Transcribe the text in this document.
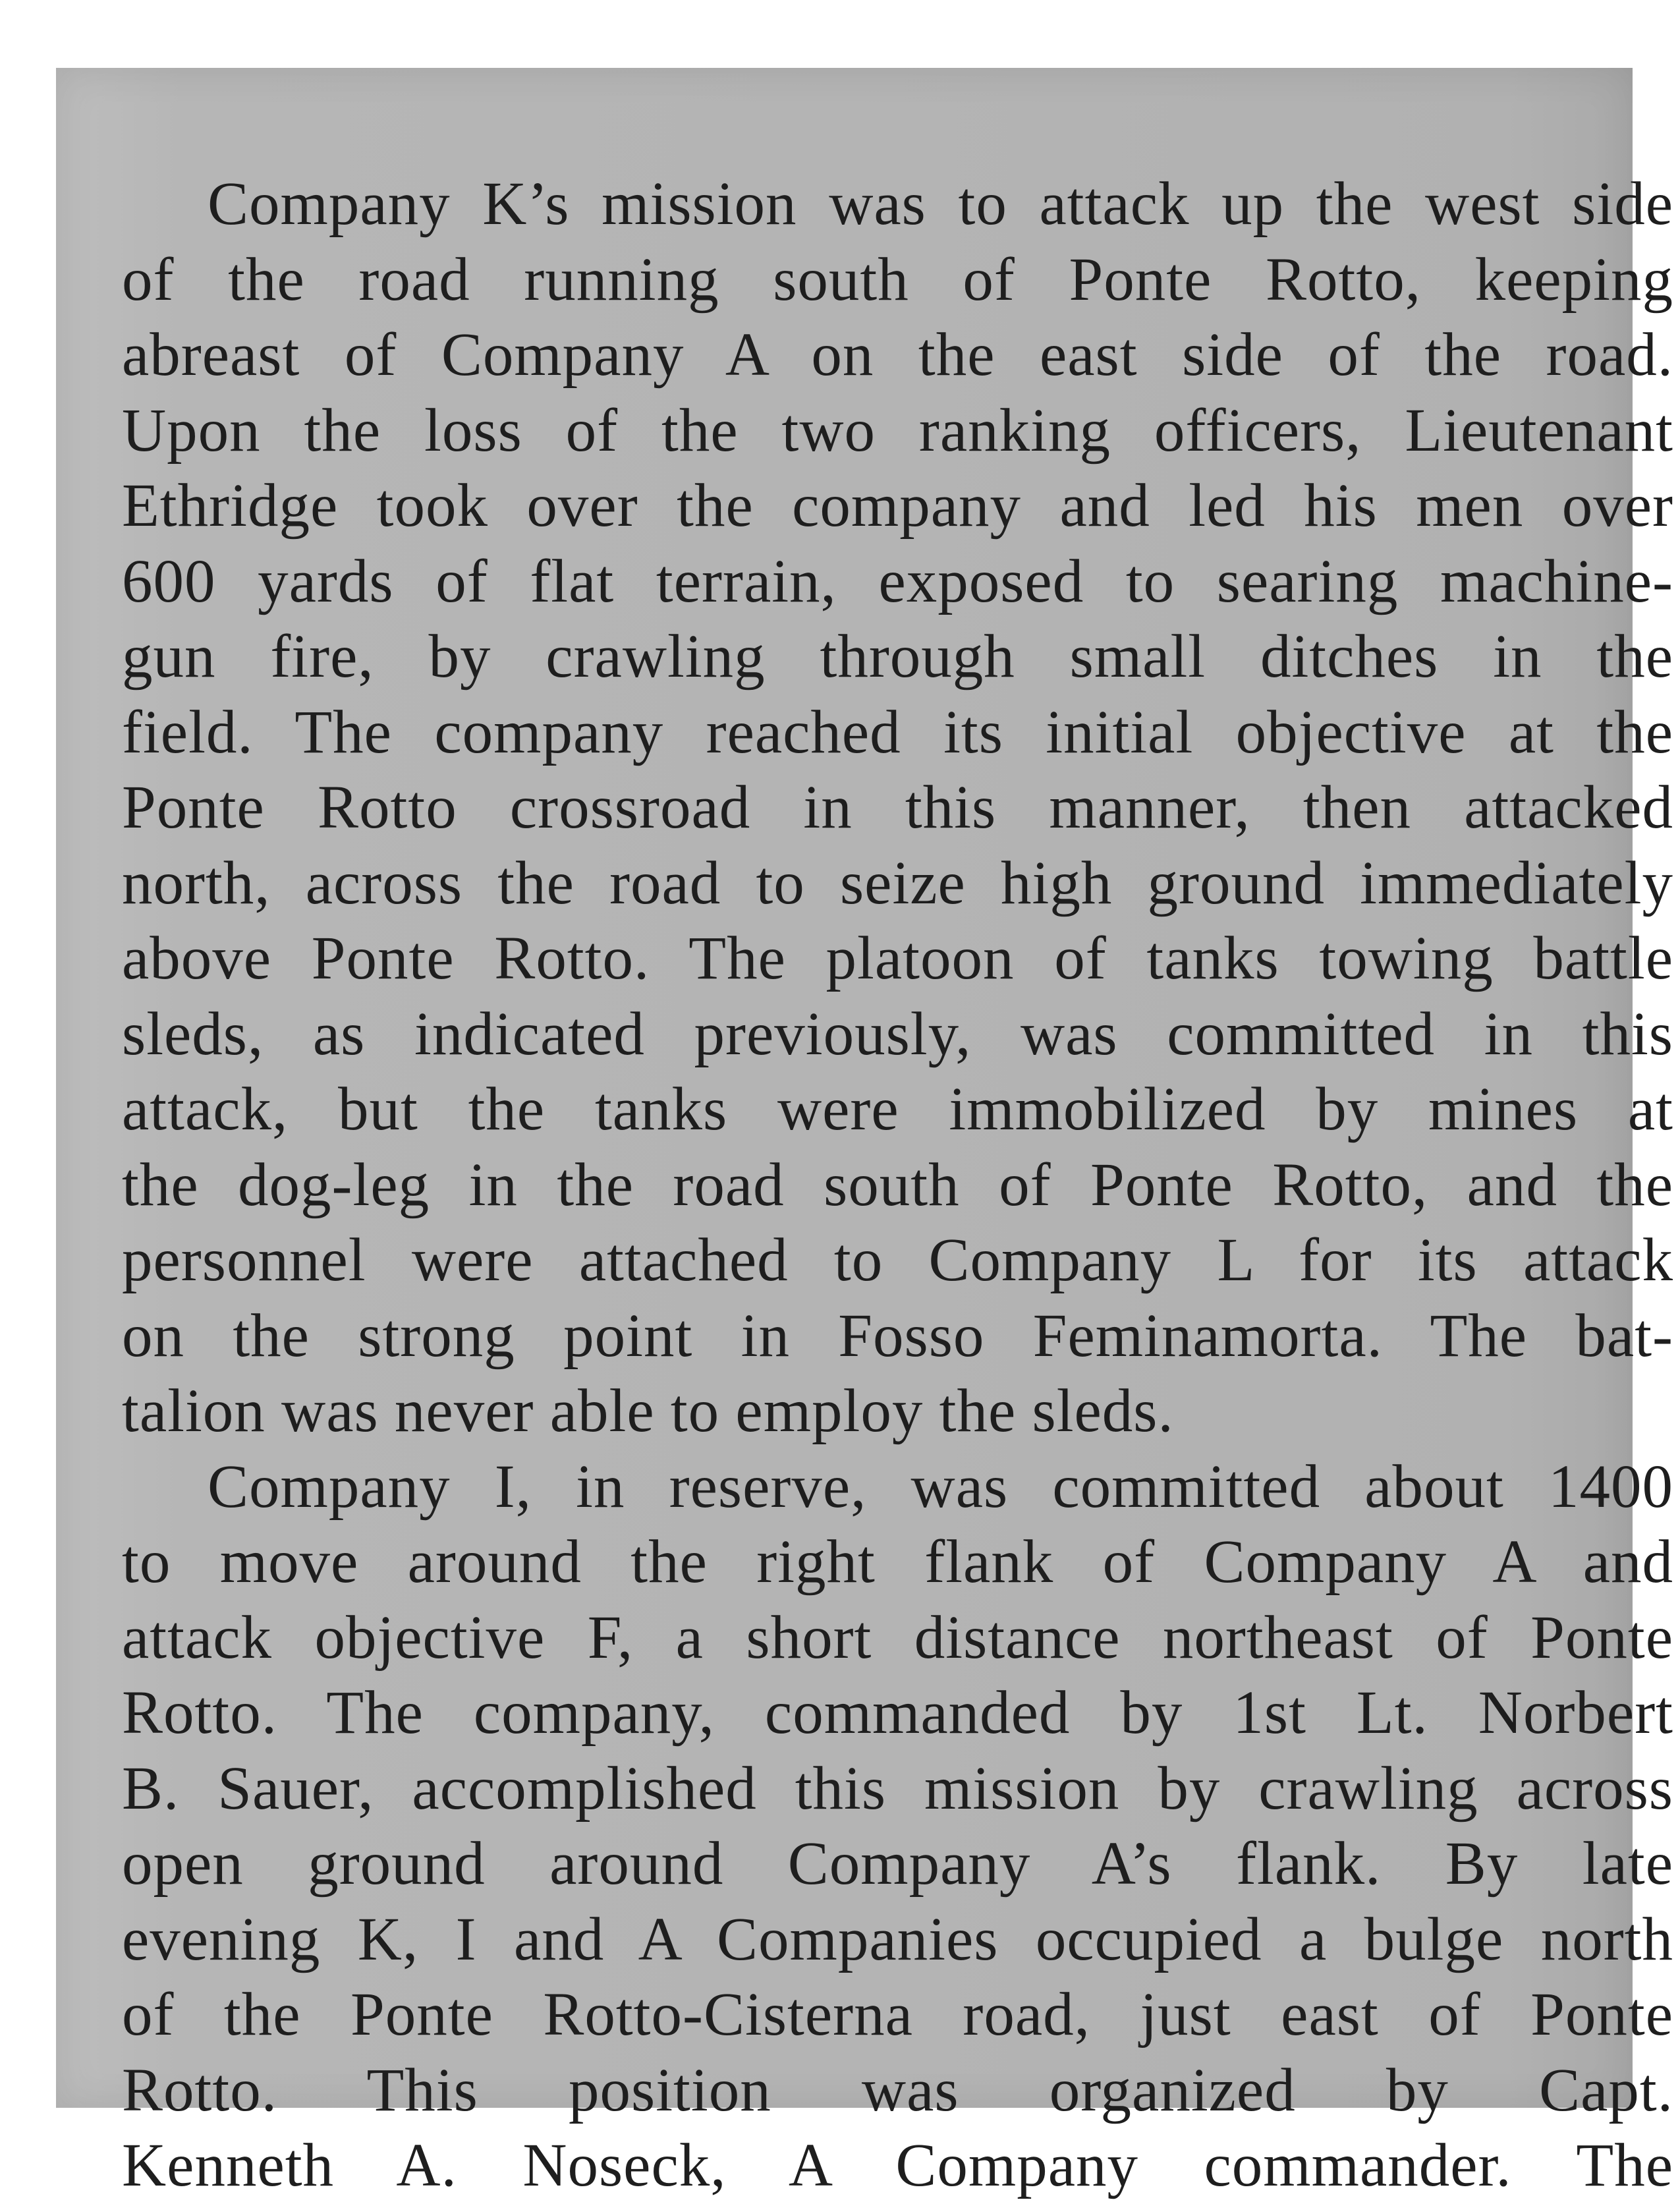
Company K’s mission was to attack up the west side
of the road running south of Ponte Rotto, keeping
abreast of Company A on the east side of the road.
Upon the loss of the two ranking officers, Lieutenant
Ethridge took over the company and led his men over
600 yards of flat terrain, exposed to searing machine-
gun fire, by crawling through small ditches in the
field. The company reached its initial objective at the
Ponte Rotto crossroad in this manner, then attacked
north, across the road to seize high ground immediately
above Ponte Rotto. The platoon of tanks towing battle
sleds, as indicated previously, was committed in this
attack, but the tanks were immobilized by mines at
the dog-leg in the road south of Ponte Rotto, and the
personnel were attached to Company L for its attack
on the strong point in Fosso Feminamorta. The bat-
talion was never able to employ the sleds.
Company I, in reserve, was committed about 1400
to move around the right flank of Company A and
attack objective F, a short distance northeast of Ponte
Rotto. The company, commanded by 1st Lt. Norbert
B. Sauer, accomplished this mission by crawling across
open ground around Company A’s flank. By late
evening K, I and A Companies occupied a bulge north
of the Ponte Rotto-Cisterna road, just east of Ponte
Rotto. This position was organized by Capt.
Kenneth A. Noseck, A Company commander. The
